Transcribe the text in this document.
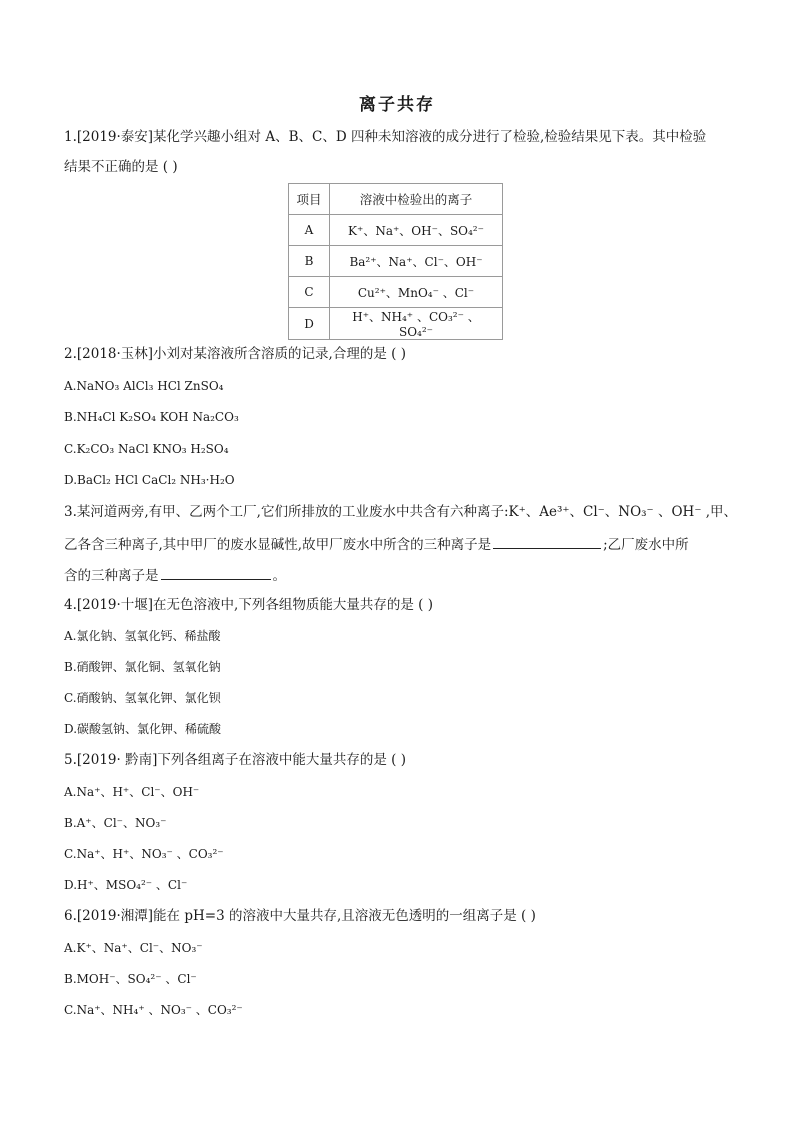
离子共存
1.[2019·泰安]某化学兴趣小组对 A、B、C、D 四种未知溶液的成分进行了检验,检验结果见下表。其中检验
结果不正确的是 ( )
项目	溶液中检验出的离子
A	K⁺、Na⁺、OH⁻、SO₄²⁻
B	Ba²⁺、Na⁺、Cl⁻、OH⁻
C	Cu²⁺、MnO₄⁻ 、Cl⁻
D	H⁺、NH₄⁺ 、CO₃²⁻ 、SO₄²⁻
2.[2018·玉林]小刘对某溶液所含溶质的记录,合理的是 ( )
A.NaNO₃ AlCl₃ HCl ZnSO₄
B.NH₄Cl K₂SO₄ KOH Na₂CO₃
C.K₂CO₃ NaCl KNO₃ H₂SO₄
D.BaCl₂ HCl CaCl₂ NH₃·H₂O
3.某河道两旁,有甲、乙两个工厂,它们所排放的工业废水中共含有六种离子:K⁺、Ae³⁺、Cl⁻、NO₃⁻ 、OH⁻ ,甲、
乙各含三种离子,其中甲厂的废水显碱性,故甲厂废水中所含的三种离子是	;乙厂废水中所
含的三种离子是	。
4.[2019·十堰]在无色溶液中,下列各组物质能大量共存的是 ( )
A.氯化钠、氢氧化钙、稀盐酸
B.硝酸钾、氯化铜、氢氧化钠
C.硝酸钠、氢氧化钾、氯化钡
D.碳酸氢钠、氯化钾、稀硫酸
5.[2019· 黔南]下列各组离子在溶液中能大量共存的是 ( )
A.Na⁺、H⁺、Cl⁻、OH⁻
B.A⁺、Cl⁻、NO₃⁻
C.Na⁺、H⁺、NO₃⁻ 、CO₃²⁻
D.H⁺、MSO₄²⁻ 、Cl⁻
6.[2019·湘潭]能在 pH=3 的溶液中大量共存,且溶液无色透明的一组离子是 ( )
A.K⁺、Na⁺、Cl⁻、NO₃⁻
B.MOH⁻、SO₄²⁻ 、Cl⁻
C.Na⁺、NH₄⁺ 、NO₃⁻ 、CO₃²⁻
